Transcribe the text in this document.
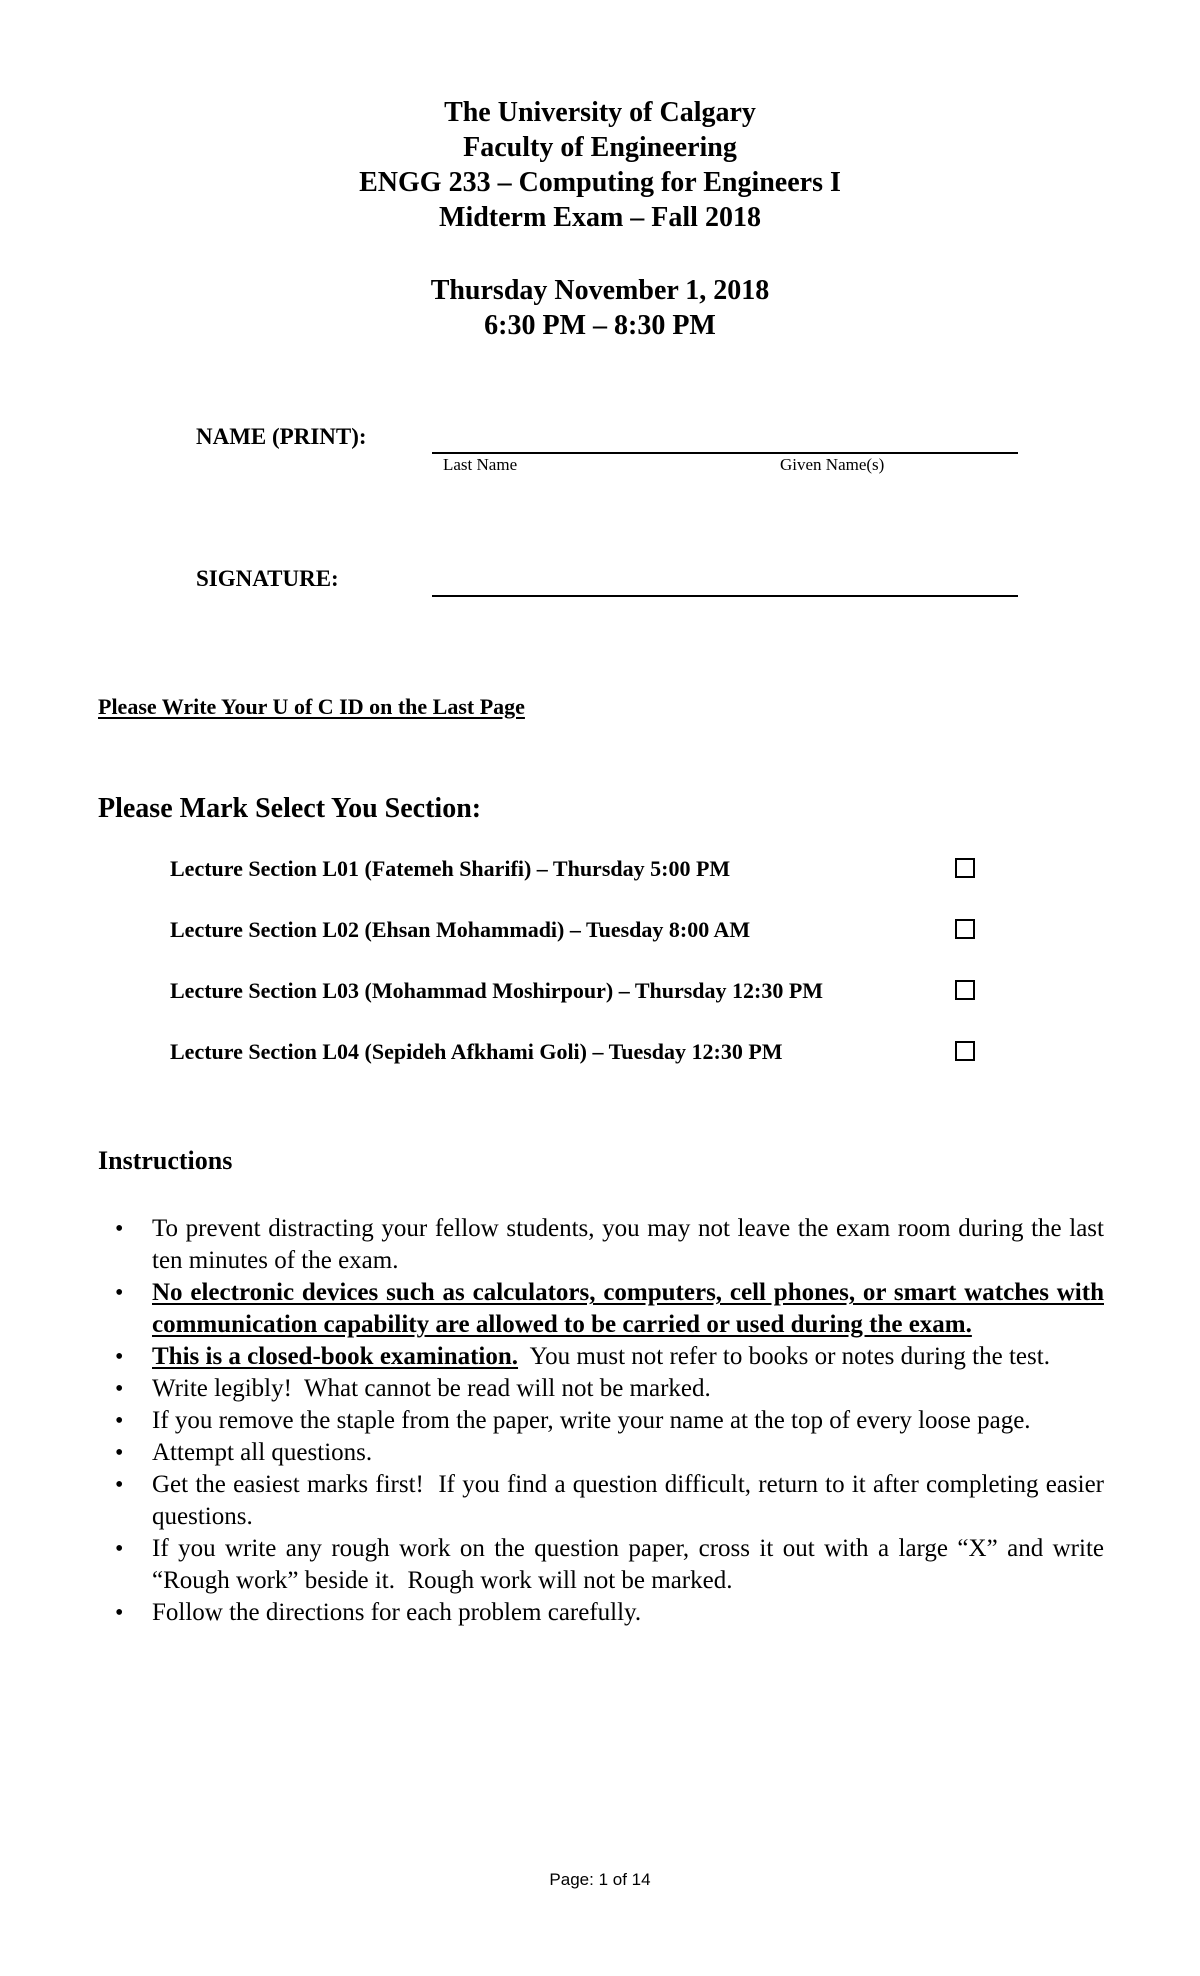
The University of Calgary
Faculty of Engineering
ENGG 233 – Computing for Engineers I
Midterm Exam – Fall 2018
Thursday November 1, 2018
6:30 PM – 8:30 PM
NAME (PRINT):
Last Name	Given Name(s)
SIGNATURE:
Please Write Your U of C ID on the Last Page
Please Mark Select You Section:
Lecture Section L01 (Fatemeh Sharifi) – Thursday 5:00 PM
Lecture Section L02 (Ehsan Mohammadi) – Tuesday 8:00 AM
Lecture Section L03 (Mohammad Moshirpour) – Thursday 12:30 PM
Lecture Section L04 (Sepideh Afkhami Goli) – Tuesday 12:30 PM
Instructions
• To prevent distracting your fellow students, you may not leave the exam room during the last ten minutes of the exam.
• No electronic devices such as calculators, computers, cell phones, or smart watches with communication capability are allowed to be carried or used during the exam.
• This is a closed-book examination.  You must not refer to books or notes during the test.
• Write legibly!  What cannot be read will not be marked.
• If you remove the staple from the paper, write your name at the top of every loose page.
• Attempt all questions.
• Get the easiest marks first!  If you find a question difficult, return to it after completing easier questions.
• If you write any rough work on the question paper, cross it out with a large “X” and write “Rough work” beside it.  Rough work will not be marked.
• Follow the directions for each problem carefully.
Page: 1 of 14
